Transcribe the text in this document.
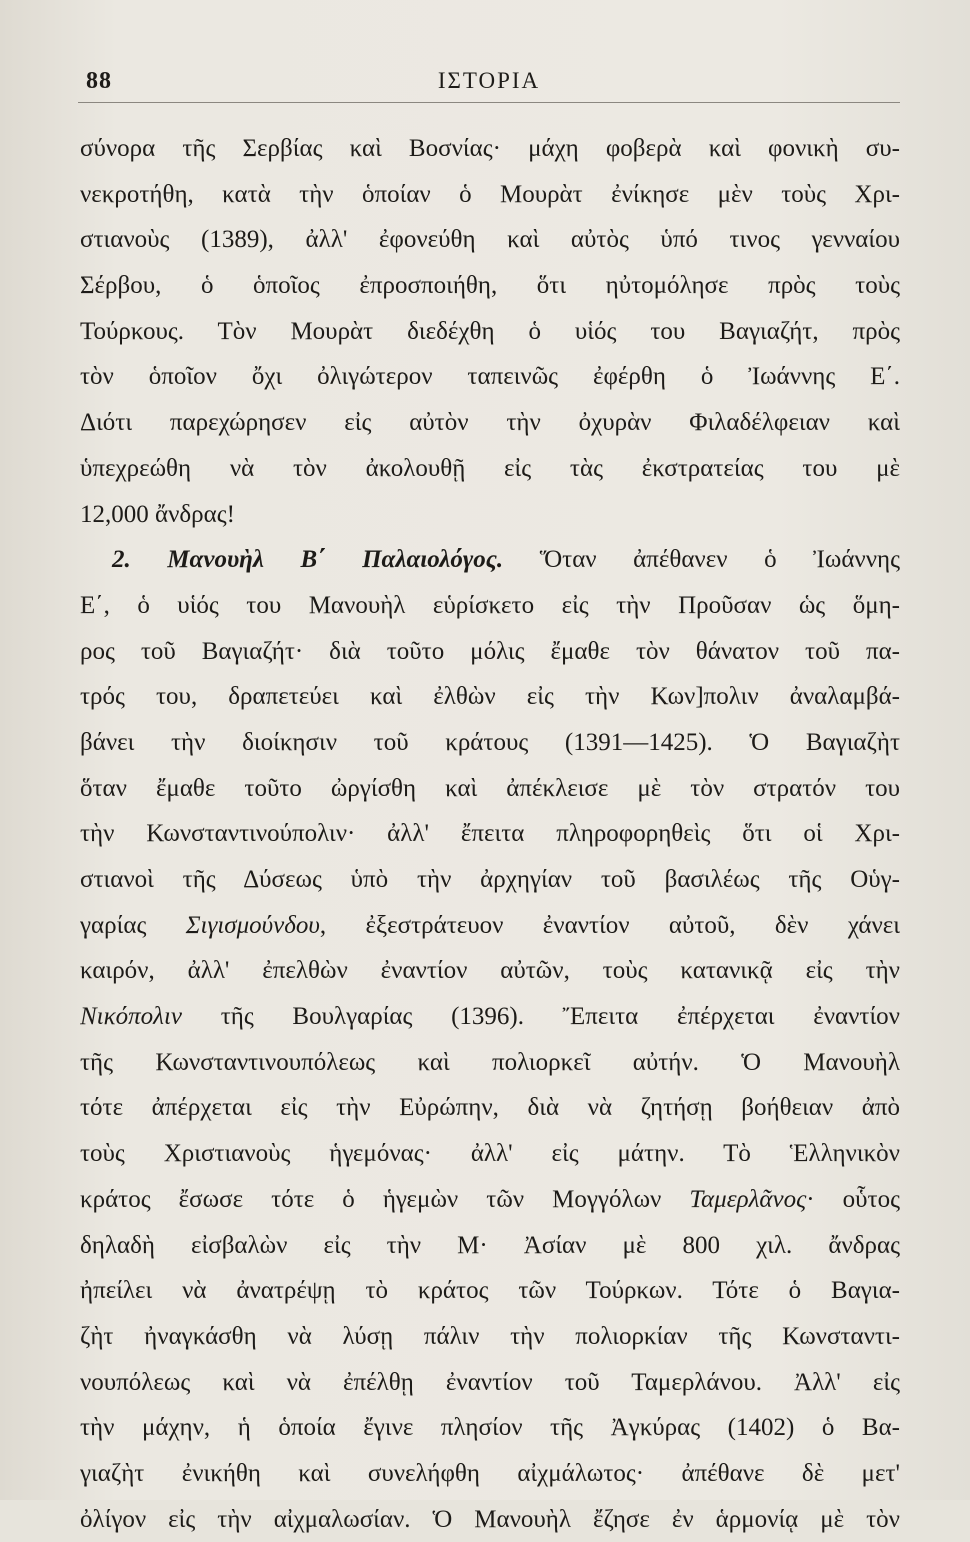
88	ΙΣΤΟΡΙΑ
σύνορα τῆς Σερβίας καὶ Βοσνίας· μάχη φοβερὰ καὶ φονικὴ συ-
νεκροτήθη, κατὰ τὴν ὁποίαν ὁ Μουρὰτ ἐνίκησε μὲν τοὺς Χρι-
στιανοὺς (1389), ἀλλ' ἐφονεύθη καὶ αὐτὸς ὑπό τινος γενναίου
Σέρβου, ὁ ὁποῖος ἐπροσποιήθη, ὅτι ηὐτομόλησε πρὸς τοὺς
Τούρκους. Τὸν Μουρὰτ διεδέχθη ὁ υἱός του Βαγιαζήτ, πρὸς
τὸν ὁποῖον ὄχι ὀλιγώτερον ταπεινῶς ἐφέρθη ὁ Ἰωάννης Ε΄.
Διότι παρεχώρησεν εἰς αὐτὸν τὴν ὀχυρὰν Φιλαδέλφειαν καὶ
ὑπεχρεώθη νὰ τὸν ἀκολουθῇ εἰς τὰς ἐκστρατείας του μὲ
12,000 ἄνδρας!
2. Μανουὴλ Β΄ Παλαιολόγος. Ὅταν ἀπέθανεν ὁ Ἰωάννης
Ε΄, ὁ υἱός του Μανουὴλ εὑρίσκετο εἰς τὴν Προῦσαν ὡς ὅμη-
ρος τοῦ Βαγιαζήτ· διὰ τοῦτο μόλις ἔμαθε τὸν θάνατον τοῦ πα-
τρός του, δραπετεύει καὶ ἐλθὼν εἰς τὴν Κων]πολιν ἀναλαμβά-
βάνει τὴν διοίκησιν τοῦ κράτους (1391—1425). Ὁ Βαγιαζὴτ
ὅταν ἔμαθε τοῦτο ὠργίσθη καὶ ἀπέκλεισε μὲ τὸν στρατόν του
τὴν Κωνσταντινούπολιν· ἀλλ' ἔπειτα πληροφορηθεὶς ὅτι οἱ Χρι-
στιανοὶ τῆς Δύσεως ὑπὸ τὴν ἀρχηγίαν τοῦ βασιλέως τῆς Οὑγ-
γαρίας Σιγισμούνδου, ἐξεστράτευον ἐναντίον αὐτοῦ, δὲν χάνει
καιρόν, ἀλλ' ἐπελθὼν ἐναντίον αὐτῶν, τοὺς κατανικᾷ εἰς τὴν
Νικόπολιν τῆς Βουλγαρίας (1396). Ἔπειτα ἐπέρχεται ἐναντίον
τῆς Κωνσταντινουπόλεως καὶ πολιορκεῖ αὐτήν. Ὁ Μανουὴλ
τότε ἀπέρχεται εἰς τὴν Εὐρώπην, διὰ νὰ ζητήσῃ βοήθειαν ἀπὸ
τοὺς Χριστιανοὺς ἡγεμόνας· ἀλλ' εἰς μάτην. Τὸ Ἑλληνικὸν
κράτος ἔσωσε τότε ὁ ἡγεμὼν τῶν Μογγόλων Ταμερλᾶνος· οὗτος
δηλαδὴ εἰσβαλὼν εἰς τὴν Μ· Ἀσίαν μὲ 800 χιλ. ἄνδρας
ἠπείλει νὰ ἀνατρέψῃ τὸ κράτος τῶν Τούρκων. Τότε ὁ Βαγια-
ζὴτ ἠναγκάσθη νὰ λύσῃ πάλιν τὴν πολιορκίαν τῆς Κωνσταντι-
νουπόλεως καὶ νὰ ἐπέλθῃ ἐναντίον τοῦ Ταμερλάνου. Ἀλλ' εἰς
τὴν μάχην, ἡ ὁποία ἔγινε πλησίον τῆς Ἀγκύρας (1402) ὁ Βα-
γιαζὴτ ἐνικήθη καὶ συνελήφθη αἰχμάλωτος· ἀπέθανε δὲ μετ'
ὀλίγον εἰς τὴν αἰχμαλωσίαν. Ὁ Μανουὴλ ἔζησε ἐν ἁρμονίᾳ μὲ τὸν
